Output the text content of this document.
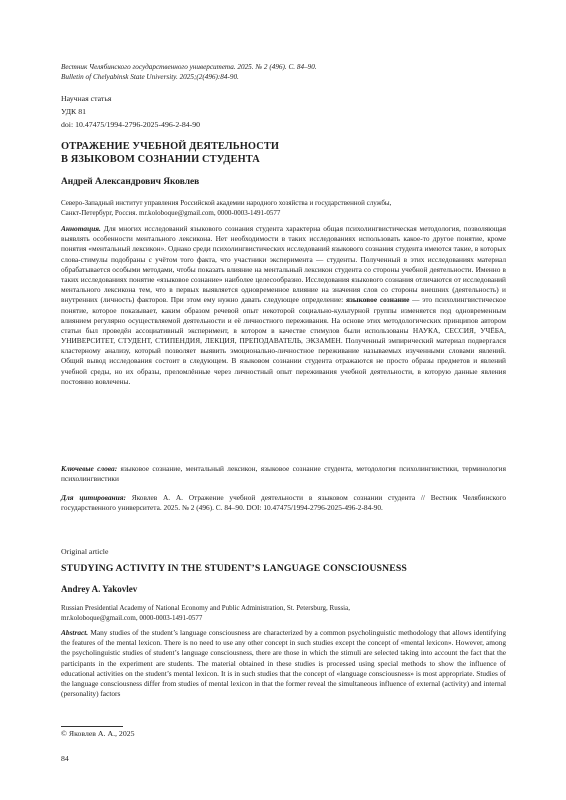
Вестник Челябинского государственного университета. 2025. № 2 (496). С. 84–90.
Bulletin of Chelyabinsk State University. 2025;(2(496):84-90.
Научная статья
УДК 81
doi: 10.47475/1994-2796-2025-496-2-84-90
ОТРАЖЕНИЕ УЧЕБНОЙ ДЕЯТЕЛЬНОСТИ
В ЯЗЫКОВОМ СОЗНАНИИ СТУДЕНТА
Андрей Александрович Яковлев
Северо-Западный институт управления Российской академии народного хозяйства и государственной службы,
Санкт-Петербург, Россия. mr.koloboque@gmail.com, 0000-0003-1491-0577

Аннотация. Для многих исследований языкового сознания студента характерна общая психолингвистическая методология, позволяющая выявлять особенности ментального лексикона. Нет необходимости в таких исследованиях использовать какое-то другое понятие, кроме понятия «ментальный лексикон». Однако среди психолингвистических исследований языкового сознания студента имеются такие, в которых слова-стимулы подобраны с учётом того факта, что участники эксперимента — студенты. Полученный в этих исследованиях материал обрабатывается особыми методами, чтобы показать влияние на ментальный лексикон студента со стороны учебной деятельности. Именно в таких исследованиях понятие «языковое сознание» наиболее целесообразно. Исследования языкового сознания отличаются от исследований ментального лексикона тем, что в первых выявляется одновременное влияние на значения слов со стороны внешних (деятельность) и внутренних (личность) факторов. При этом ему нужно давать следующее определение: языковое сознание — это психолингвистическое понятие, которое показывает, каким образом речевой опыт некоторой социально-культурной группы изменяется под одновременным влиянием регулярно осуществляемой деятельности и её личностного переживания. На основе этих методологических принципов автором статьи был проведён ассоциативный эксперимент, в котором в качестве стимулов были использованы НАУКА, СЕССИЯ, УЧЁБА, УНИВЕРСИТЕТ, СТУДЕНТ, СТИПЕНДИЯ, ЛЕКЦИЯ, ПРЕПОДАВАТЕЛЬ, ЭКЗАМЕН. Полученный эмпирический материал подвергался кластерному анализу, который позволяет выявить эмоционально-личностное переживание называемых изученными словами явлений. Общий вывод исследования состоит в следующем. В языковом сознании студента отражаются не просто образы предметов и явлений учебной среды, но их образы, преломлённые через личностный опыт переживания учебной деятельности, в которую данные явления постоянно вовлечены.

Ключевые слова: языковое сознание, ментальный лексикон, языковое сознание студента, методология психолингвистики, терминология психолингвистики

Для цитирования: Яковлев А. А. Отражение учебной деятельности в языковом сознании студента // Вестник Челябинского государственного университета. 2025. № 2 (496). С. 84–90. DOI: 10.47475/1994-2796-2025-496-2-84-90.

Original article
STUDYING ACTIVITY IN THE STUDENT’S LANGUAGE CONSCIOUSNESS
Andrey A. Yakovlev
Russian Presidential Academy of National Economy and Public Administration, St. Petersburg, Russia,
mr.koloboque@gmail.com, 0000-0003-1491-0577

Abstract. Many studies of the student’s language consciousness are characterized by a common psycholinguistic methodology that allows identifying the features of the mental lexicon. There is no need to use any other concept in such studies except the concept of «mental lexicon». However, among the psycholinguistic studies of student’s language consciousness, there are those in which the stimuli are selected taking into account the fact that the participants in the experiment are students. The material obtained in these studies is processed using special methods to show the influence of educational activities on the student’s mental lexicon. It is in such studies that the concept of «language consciousness» is most appropriate. Studies of the language consciousness differ from studies of mental lexicon in that the former reveal the simultaneous influence of external (activity) and internal (personality) factors

© Яковлев А. А., 2025
84
